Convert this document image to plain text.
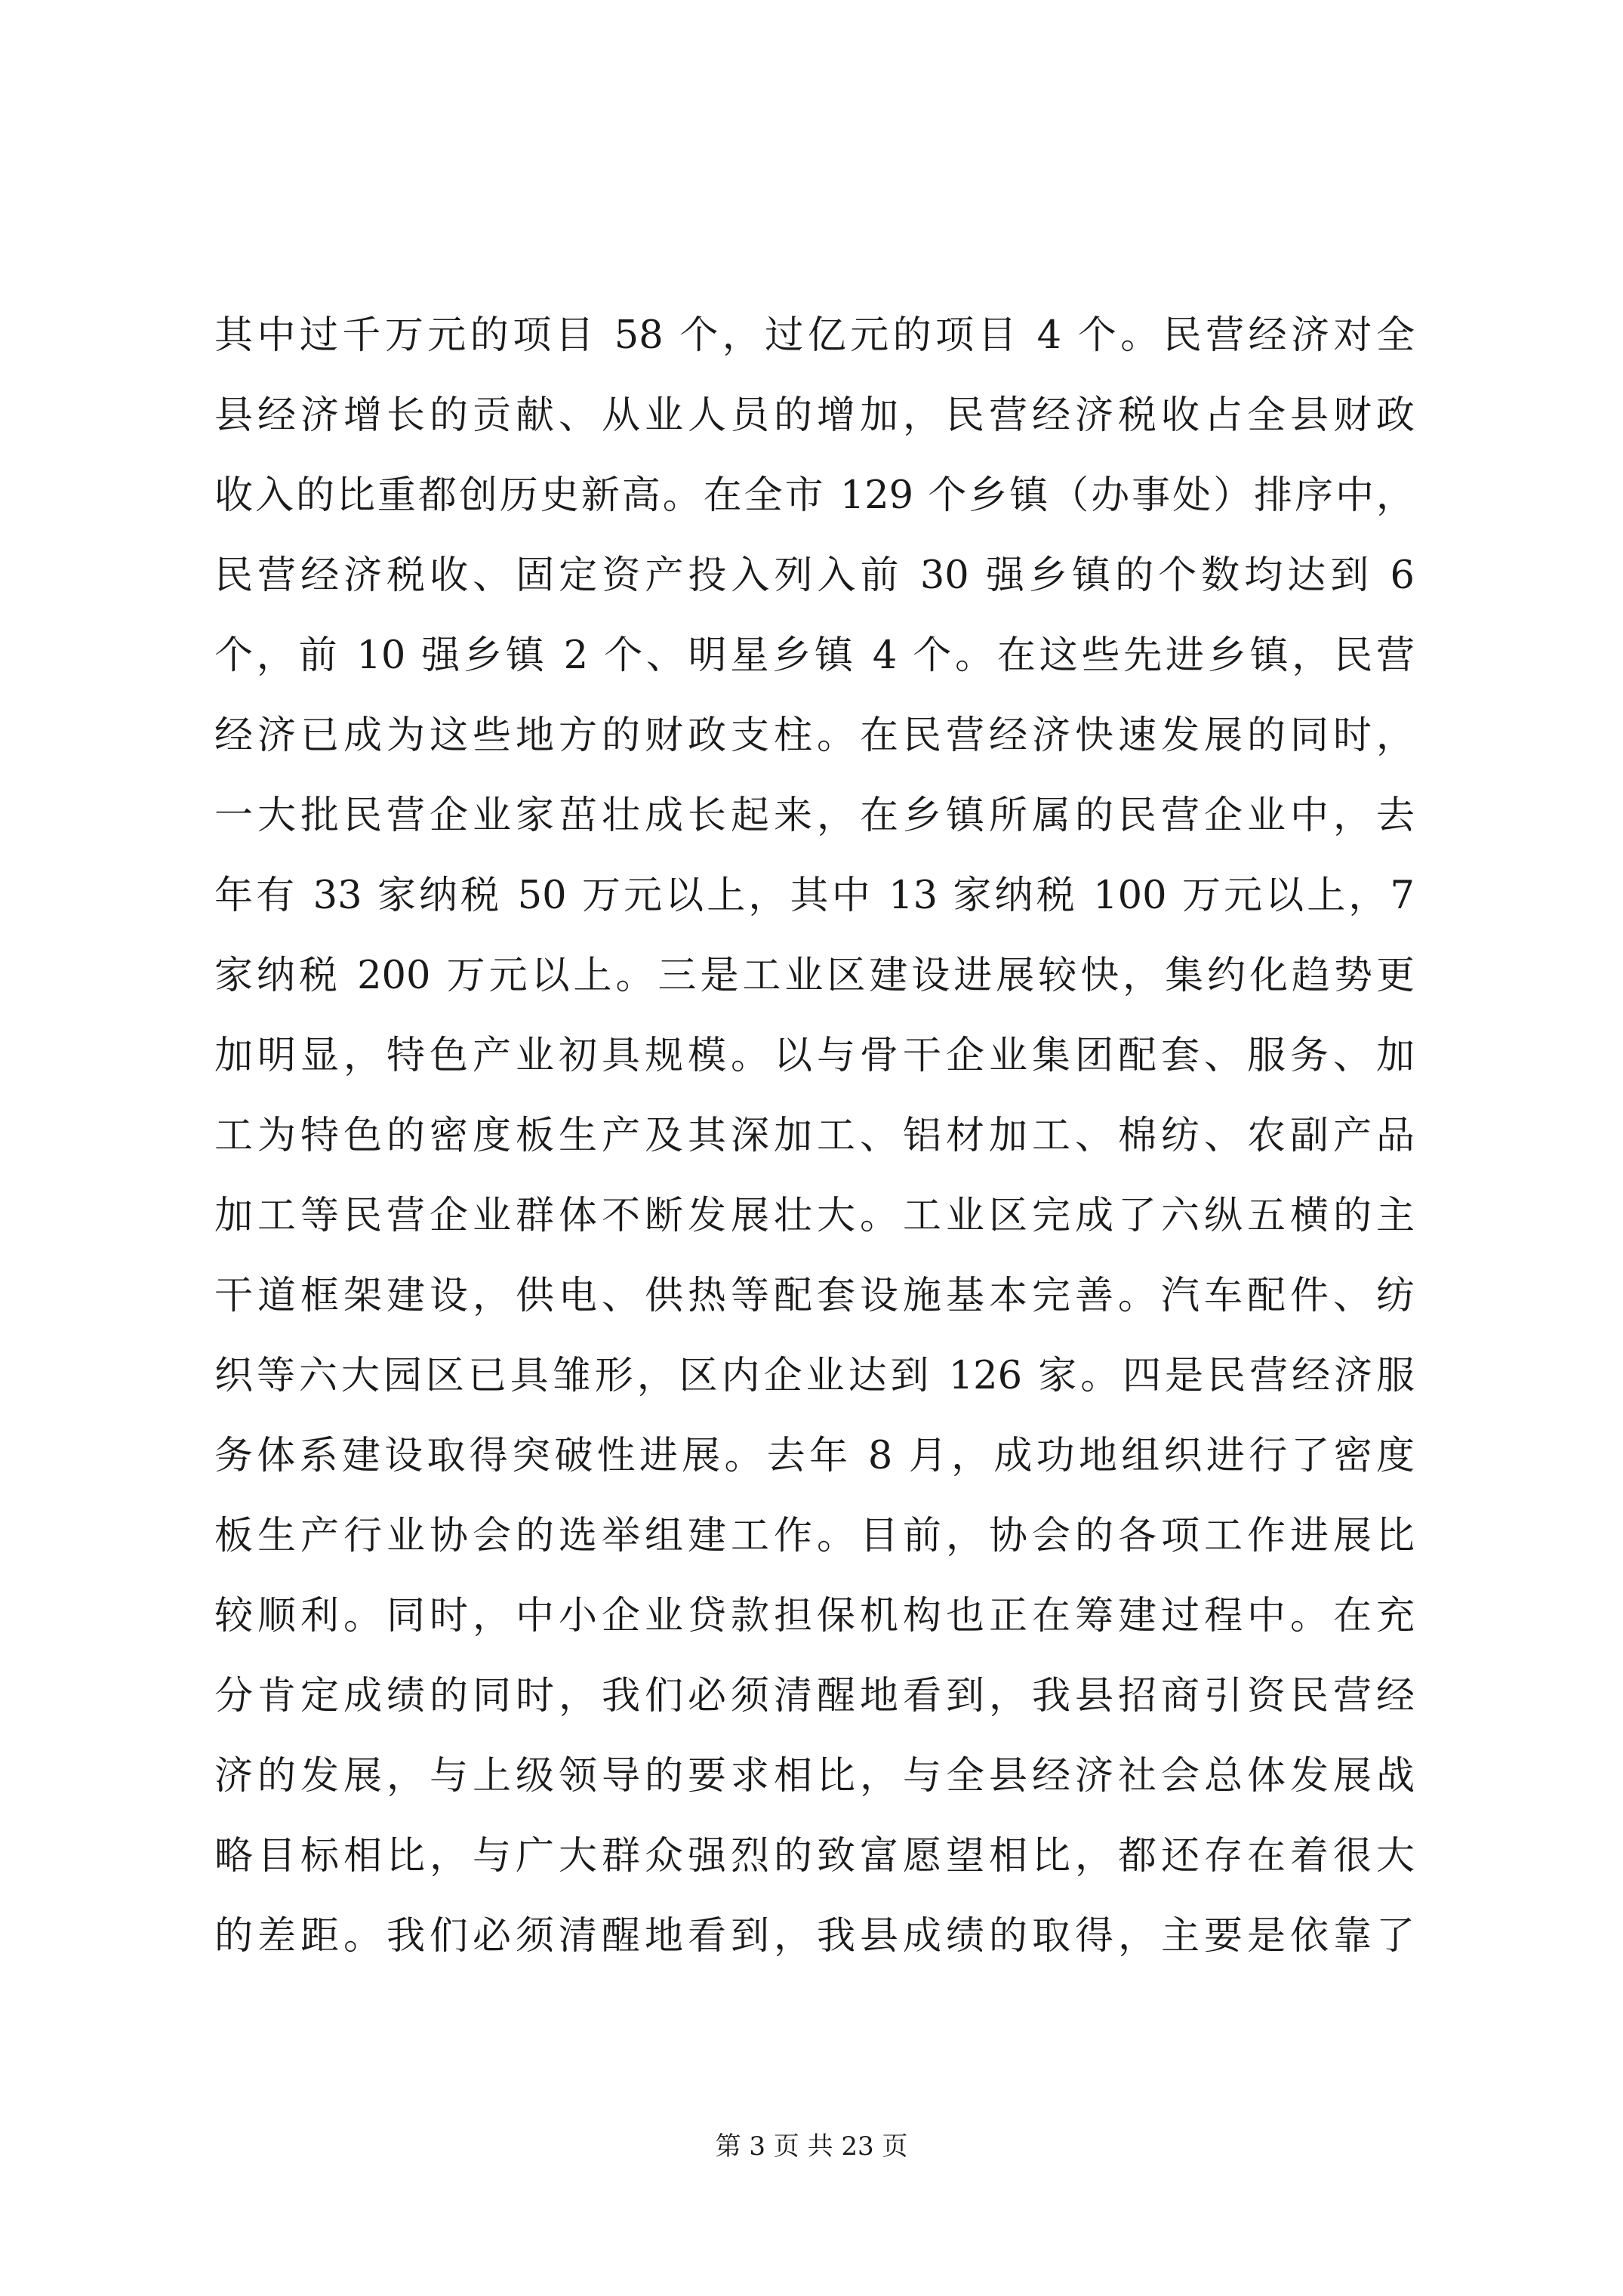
其中过千万元的项目 58 个，过亿元的项目 4 个。民营经济对全
县经济增长的贡献、从业人员的增加，民营经济税收占全县财政
收入的比重都创历史新高。在全市 129 个乡镇（办事处）排序中，
民营经济税收、固定资产投入列入前 30 强乡镇的个数均达到 6
个，前 10 强乡镇 2 个、明星乡镇 4 个。在这些先进乡镇，民营
经济已成为这些地方的财政支柱。在民营经济快速发展的同时，
一大批民营企业家茁壮成长起来，在乡镇所属的民营企业中，去
年有 33 家纳税 50 万元以上，其中 13 家纳税 100 万元以上，7
家纳税 200 万元以上。三是工业区建设进展较快，集约化趋势更
加明显，特色产业初具规模。以与骨干企业集团配套、服务、加
工为特色的密度板生产及其深加工、铝材加工、棉纺、农副产品
加工等民营企业群体不断发展壮大。工业区完成了六纵五横的主
干道框架建设，供电、供热等配套设施基本完善。汽车配件、纺
织等六大园区已具雏形，区内企业达到 126 家。四是民营经济服
务体系建设取得突破性进展。去年 8 月，成功地组织进行了密度
板生产行业协会的选举组建工作。目前，协会的各项工作进展比
较顺利。同时，中小企业贷款担保机构也正在筹建过程中。在充
分肯定成绩的同时，我们必须清醒地看到，我县招商引资民营经
济的发展，与上级领导的要求相比，与全县经济社会总体发展战
略目标相比，与广大群众强烈的致富愿望相比，都还存在着很大
的差距。我们必须清醒地看到，我县成绩的取得，主要是依靠了
第 3 页 共 23 页
